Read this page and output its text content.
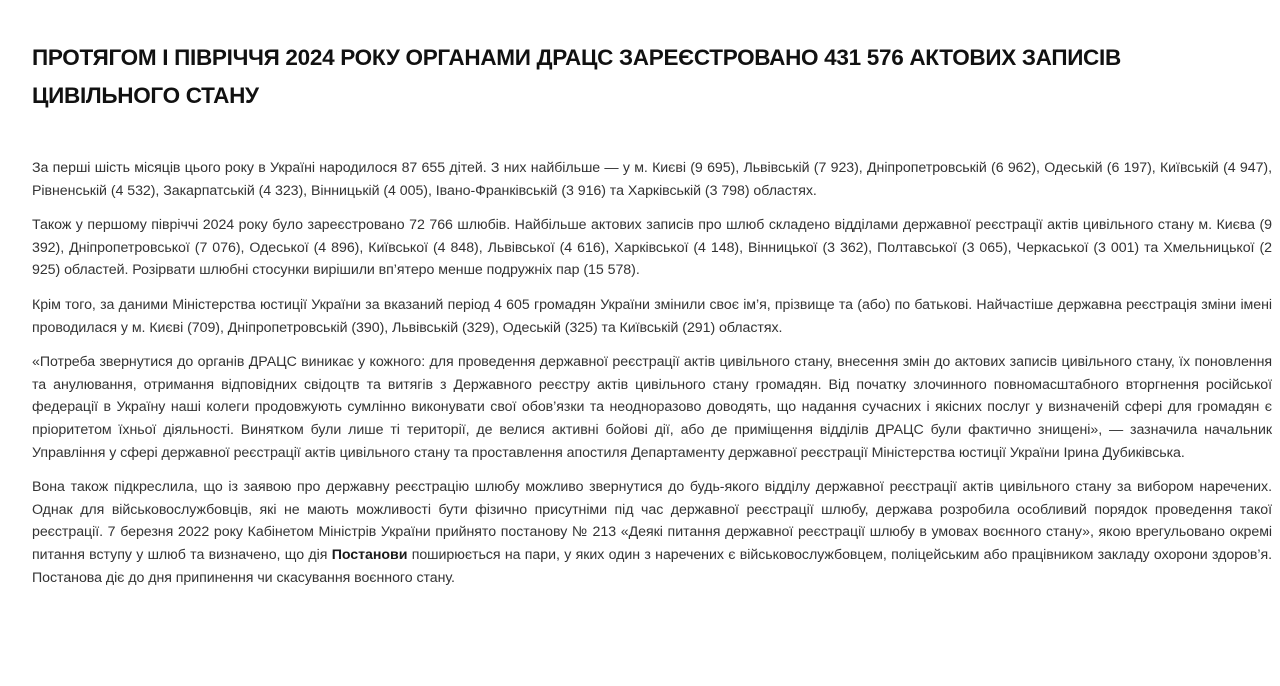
ПРОТЯГОМ І ПІВРІЧЧЯ 2024 РОКУ ОРГАНАМИ ДРАЦС ЗАРЕЄСТРОВАНО 431 576 АКТОВИХ ЗАПИСІВ ЦИВІЛЬНОГО СТАНУ

За перші шість місяців цього року в Україні народилося 87 655 дітей. З них найбільше — у м. Києві (9 695), Львівській (7 923), Дніпропетровській (6 962), Одеській (6 197), Київській (4 947), Рівненській (4 532), Закарпатській (4 323), Вінницькій (4 005), Івано-Франківській (3 916) та Харківській (3 798) областях.

Також у першому півріччі 2024 року було зареєстровано 72 766 шлюбів. Найбільше актових записів про шлюб складено відділами державної реєстрації актів цивільного стану м. Києва (9 392), Дніпропетровської (7 076), Одеської (4 896), Київської (4 848), Львівської (4 616), Харківської (4 148), Вінницької (3 362), Полтавської (3 065), Черкаської (3 001) та Хмельницької (2 925) областей. Розірвати шлюбні стосунки вирішили вп’ятеро менше подружніх пар (15 578).

Крім того, за даними Міністерства юстиції України за вказаний період 4 605 громадян України змінили своє ім’я, прізвище та (або) по батькові. Найчастіше державна реєстрація зміни імені проводилася у м. Києві (709), Дніпропетровській (390), Львівській (329), Одеській (325) та Київській (291) областях.

«Потреба звернутися до органів ДРАЦС виникає у кожного: для проведення державної реєстрації актів цивільного стану, внесення змін до актових записів цивільного стану, їх поновлення та анулювання, отримання відповідних свідоцтв та витягів з Державного реєстру актів цивільного стану громадян. Від початку злочинного повномасштабного вторгнення російської федерації в Україну наші колеги продовжують сумлінно виконувати свої обов’язки та неодноразово доводять, що надання сучасних і якісних послуг у визначеній сфері для громадян є пріоритетом їхньої діяльності. Винятком були лише ті території, де велися активні бойові дії, або де приміщення відділів ДРАЦС були фактично знищені», — зазначила начальник Управління у сфері державної реєстрації актів цивільного стану та проставлення апостиля Департаменту державної реєстрації Міністерства юстиції України Ірина Дубиківська.

Вона також підкреслила, що із заявою про державну реєстрацію шлюбу можливо звернутися до будь-якого відділу державної реєстрації актів цивільного стану за вибором наречених. Однак для військовослужбовців, які не мають можливості бути фізично присутніми під час державної реєстрації шлюбу, держава розробила особливий порядок проведення такої реєстрації. 7 березня 2022 року Кабінетом Міністрів України прийнято постанову № 213 «Деякі питання державної реєстрації шлюбу в умовах воєнного стану», якою врегульовано окремі питання вступу у шлюб та визначено, що дія Постанови поширюється на пари, у яких один з наречених є військовослужбовцем, поліцейським або працівником закладу охорони здоров’я. Постанова діє до дня припинення чи скасування воєнного стану.
